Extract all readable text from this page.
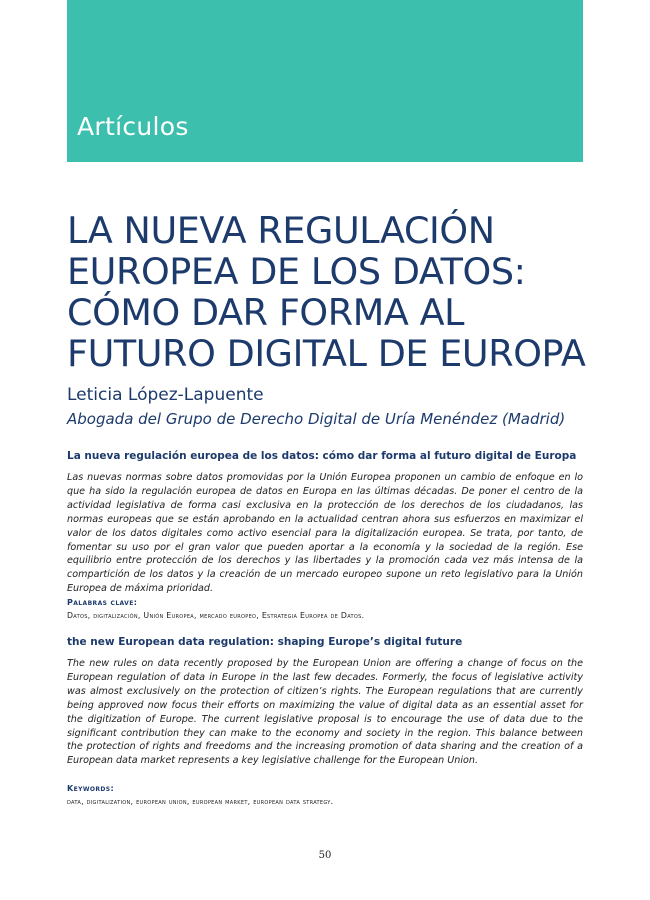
Artículos
LA NUEVA REGULACIÓN
EUROPEA DE LOS DATOS:
CÓMO DAR FORMA AL
FUTURO DIGITAL DE EUROPA
Leticia López-Lapuente
Abogada del Grupo de Derecho Digital de Uría Menéndez (Madrid)
La nueva regulación europea de los datos: cómo dar forma al futuro digital de Europa

Las nuevas normas sobre datos promovidas por la Unión Europea proponen un cambio de enfoque en lo que ha sido la regulación europea de datos en Europa en las últimas décadas. De poner el centro de la actividad legislativa de forma casi exclusiva en la protección de los derechos de los ciudadanos, las normas europeas que se están aprobando en la actualidad centran ahora sus esfuerzos en maximizar el valor de los datos digitales como activo esencial para la digitalización europea. Se trata, por tanto, de fomentar su uso por el gran valor que pueden aportar a la economía y la sociedad de la región. Ese equilibrio entre protección de los derechos y las libertades y la promoción cada vez más intensa de la compartición de los datos y la creación de un mercado europeo supone un reto legislativo para la Unión Europea de máxima prioridad.

Palabras clave:
Datos, digitalización, Unión Europea, mercado europeo, Estrategia Europea de Datos.
the new European data regulation: shaping Europe’s digital future

The new rules on data recently proposed by the European Union are offering a change of focus on the European regulation of data in Europe in the last few decades. Formerly, the focus of legislative activity was almost exclusively on the protection of citizen’s rights. The European regulations that are currently being approved now focus their efforts on maximizing the value of digital data as an essential asset for the digitization of Europe. The current legislative proposal is to encourage the use of data due to the significant contribution they can make to the economy and society in the region. This balance between the protection of rights and freedoms and the increasing promotion of data sharing and the creation of a European data market represents a key legislative challenge for the European Union.

Keywords:
data, digitalization, european union, european market, european data strategy.
50
